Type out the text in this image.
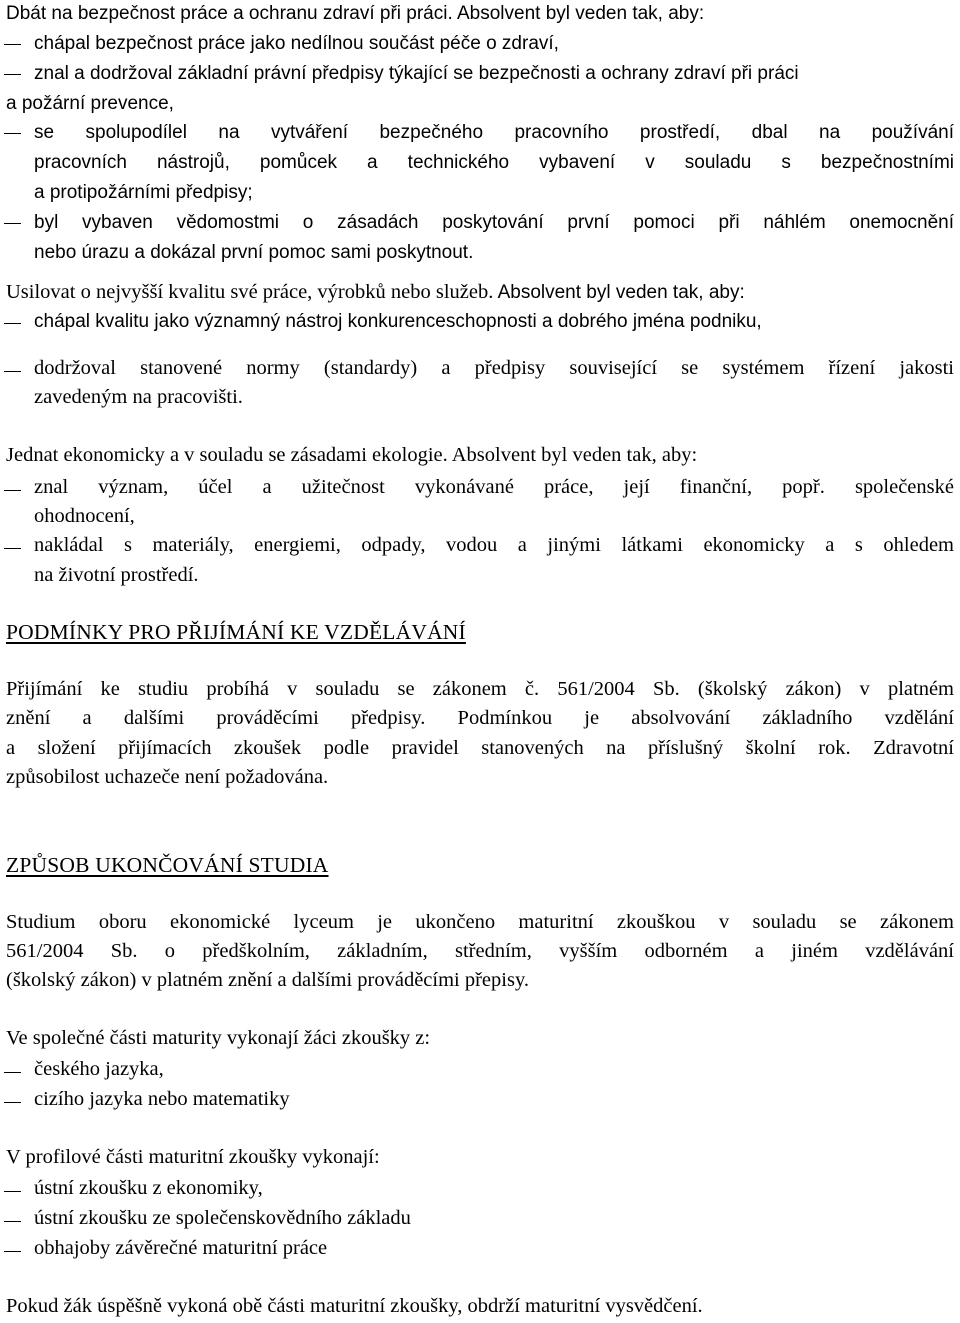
Dbát na bezpečnost práce a ochranu zdraví při práci. Absolvent byl veden tak, aby:
chápal bezpečnost práce jako nedílnou součást péče o zdraví,
znal a dodržoval základní právní předpisy týkající se bezpečnosti a ochrany zdraví při práci
a požární prevence,
se spolupodílel na vytváření bezpečného pracovního prostředí, dbal na používání
pracovních nástrojů, pomůcek a technického vybavení v souladu s bezpečnostními
a protipožárními předpisy;
byl vybaven vědomostmi o zásadách poskytování první pomoci při náhlém onemocnění
nebo úrazu a dokázal první pomoc sami poskytnout.
Usilovat o nejvyšší kvalitu své práce, výrobků nebo služeb. Absolvent byl veden tak, aby:
chápal kvalitu jako významný nástroj konkurenceschopnosti a dobrého jména podniku,
dodržoval stanovené normy (standardy) a předpisy související se systémem řízení jakosti
zavedeným na pracovišti.
Jednat ekonomicky a v souladu se zásadami ekologie. Absolvent byl veden tak, aby:
znal význam, účel a užitečnost vykonávané práce, její finanční, popř. společenské
ohodnocení,
nakládal s materiály, energiemi, odpady, vodou a jinými látkami ekonomicky a s ohledem
na životní prostředí.
PODMÍNKY PRO PŘIJÍMÁNÍ KE VZDĚLÁVÁNÍ
Přijímání ke studiu probíhá v souladu se zákonem č. 561/2004 Sb. (školský zákon) v platném
znění a dalšími prováděcími předpisy. Podmínkou je absolvování základního vzdělání
a složení přijímacích zkoušek podle pravidel stanovených na příslušný školní rok. Zdravotní
způsobilost uchazeče není požadována.
ZPŮSOB UKONČOVÁNÍ STUDIA
Studium oboru ekonomické lyceum je ukončeno maturitní zkouškou v souladu se zákonem
561/2004 Sb. o předškolním, základním, středním, vyšším odborném a jiném vzdělávání
(školský zákon) v platném znění a dalšími prováděcími přepisy.
Ve společné části maturity vykonají žáci zkoušky z:
českého jazyka,
cizího jazyka nebo matematiky
V profilové části maturitní zkoušky vykonají:
ústní zkoušku z ekonomiky,
ústní zkoušku ze společenskovědního základu
obhajoby závěrečné maturitní práce
Pokud žák úspěšně vykoná obě části maturitní zkoušky, obdrží maturitní vysvědčení.
